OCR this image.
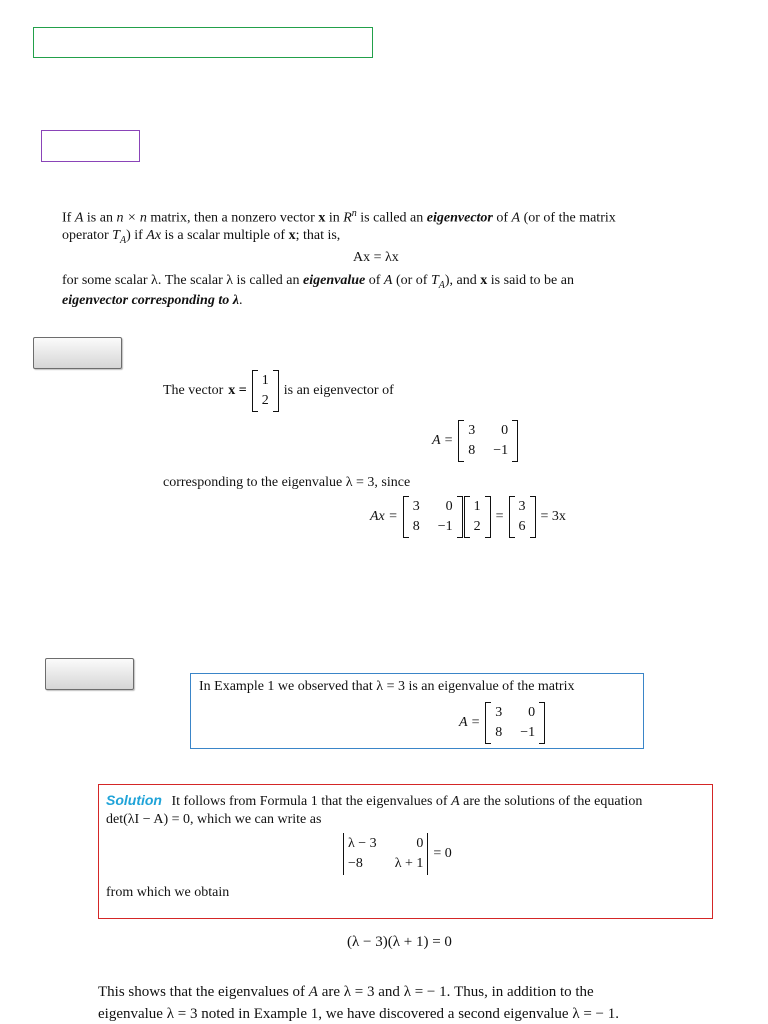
If A is an n × n matrix, then a nonzero vector x in $R^n$ is called an eigenvector of A (or of the matrix
operator $T_A$) if Ax is a scalar multiple of x; that is,
Ax = λx
for some scalar λ. The scalar λ is called an eigenvalue of A (or of $T_A$), and x is said to be an
eigenvector corresponding to λ.
The vector x =
1
2
is an eigenvector of
A =
3	0
8 −1
corresponding to the eigenvalue λ = 3, since
Ax =
3	0
8 −1
1
2
=
3
6
= 3x
In Example 1 we observed that λ = 3 is an eigenvalue of the matrix
A =
3	0
8 −1
Solution It follows from Formula 1 that the eigenvalues of A are the solutions of the equation
det(λI − A) = 0, which we can write as
λ − 3	0
−8	λ + 1
= 0
from which we obtain
(λ − 3)(λ + 1) = 0
This shows that the eigenvalues of A are λ = 3 and λ = − 1. Thus, in addition to the
eigenvalue λ = 3 noted in Example 1, we have discovered a second eigenvalue λ = − 1.
